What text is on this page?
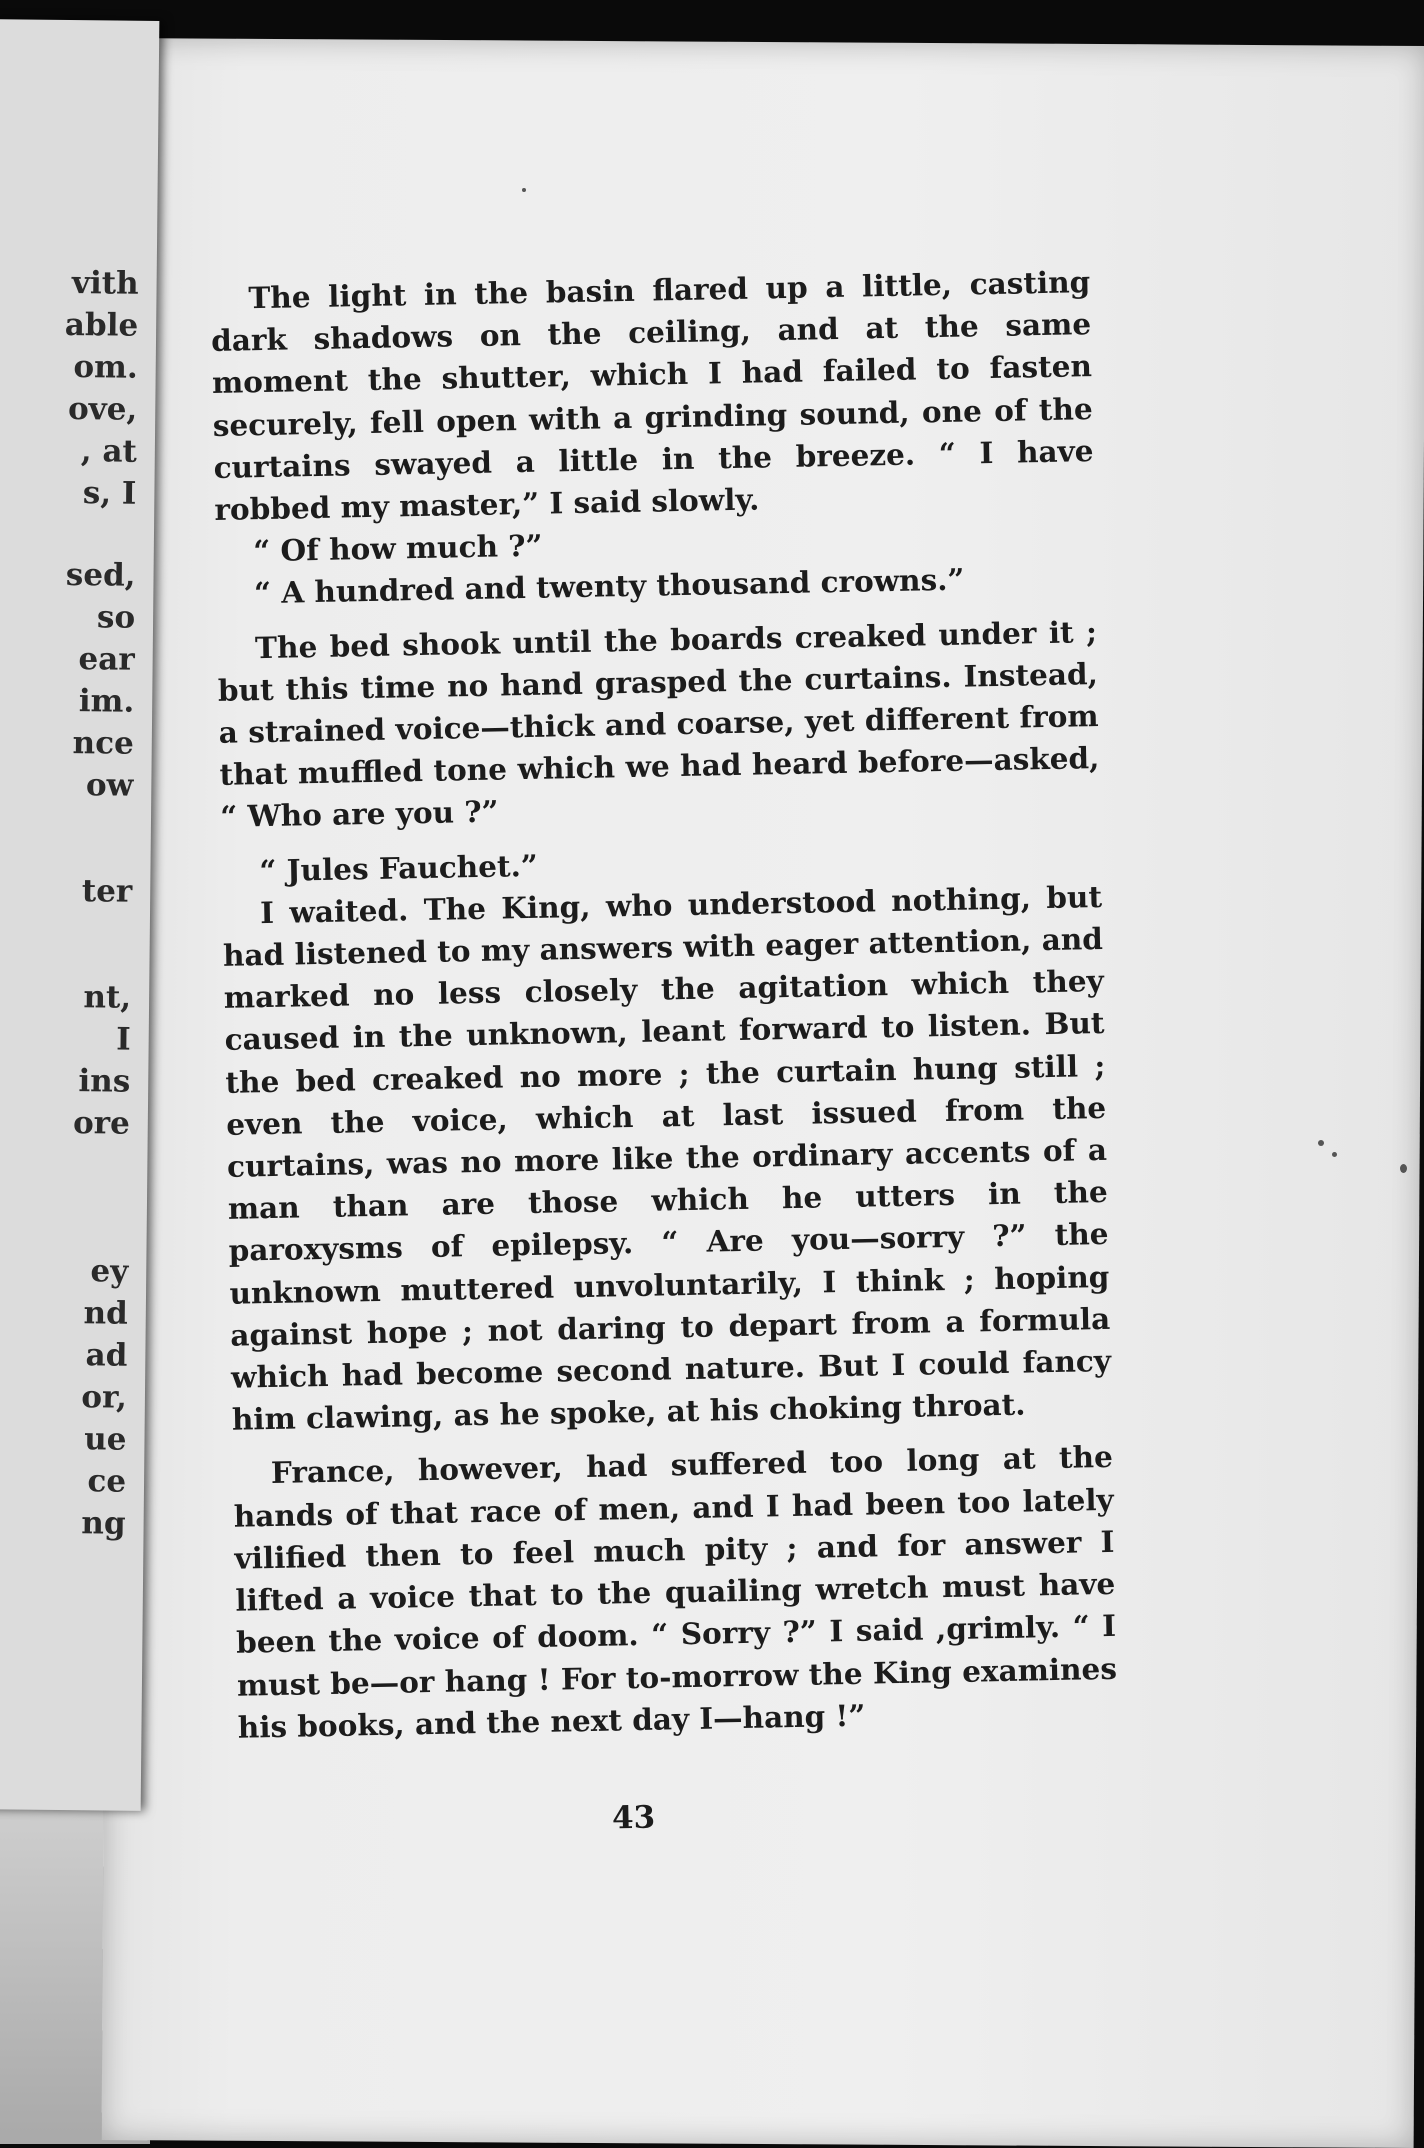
vith
able
om.
ove,
, at
s, I
sed,
so
ear
im.
nce
ow
ter
nt,
I
ins
ore
ey
nd
ad
or,
ue
ce
ng

The light in the basin flared up a little, casting dark shadows on the ceiling, and at the same moment the shutter, which I had failed to fasten securely, fell open with a grinding sound, one of the curtains swayed a little in the breeze. “ I have robbed my master,” I said slowly.

“ Of how much ?”

“ A hundred and twenty thousand crowns.”

The bed shook until the boards creaked under it ; but this time no hand grasped the curtains. Instead, a strained voice—thick and coarse, yet different from that muffled tone which we had heard before—asked, “ Who are you ?”

“ Jules Fauchet.”

I waited. The King, who understood nothing, but had listened to my answers with eager attention, and marked no less closely the agitation which they caused in the unknown, leant forward to listen. But the bed creaked no more ; the curtain hung still ; even the voice, which at last issued from the curtains, was no more like the ordinary accents of a man than are those which he utters in the paroxysms of epilepsy. “ Are you—sorry ?” the unknown muttered unvoluntarily, I think ; hoping against hope ; not daring to depart from a formula which had become second nature. But I could fancy him clawing, as he spoke, at his choking throat.

France, however, had suffered too long at the hands of that race of men, and I had been too lately vilified then to feel much pity ; and for answer I lifted a voice that to the quailing wretch must have been the voice of doom. “ Sorry ?” I said ,grimly. “ I must be—or hang ! For to-morrow the King examines his books, and the next day I—hang !”

43
